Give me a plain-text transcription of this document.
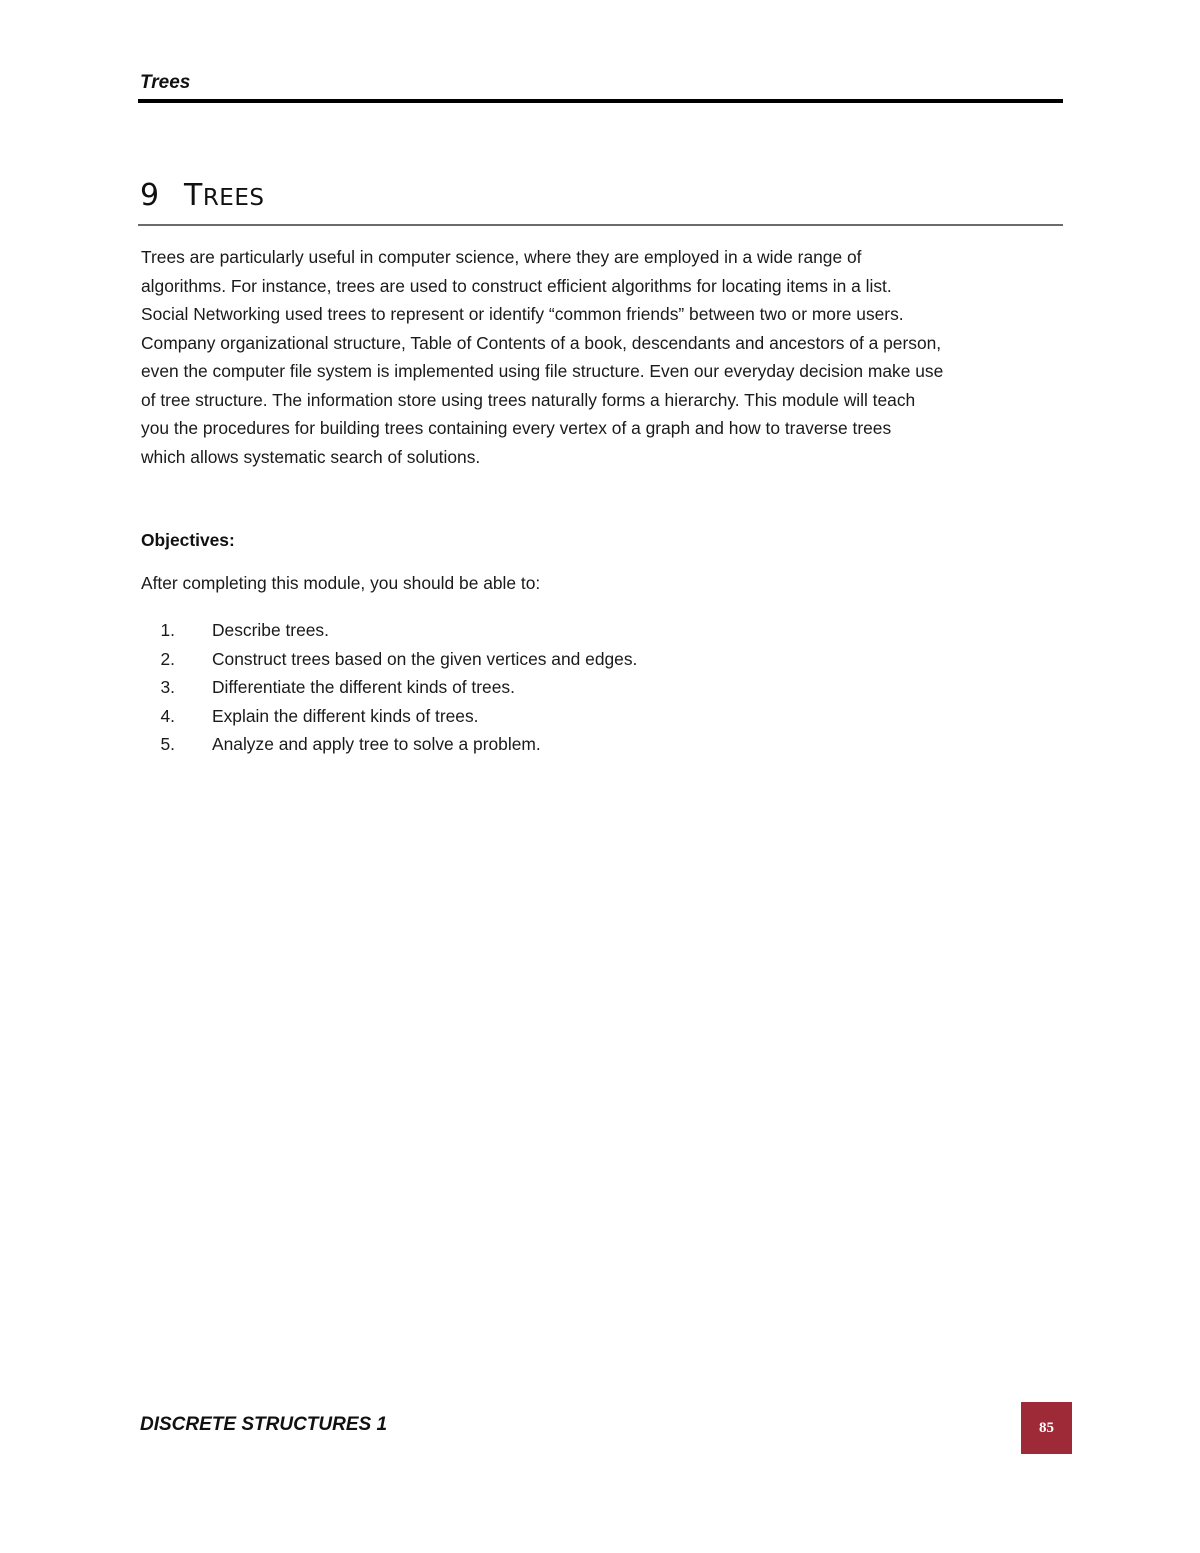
Trees
9 TREES

Trees are particularly useful in computer science, where they are employed in a wide range of
algorithms. For instance, trees are used to construct efficient algorithms for locating items in a list.
Social Networking used trees to represent or identify “common friends” between two or more users.
Company organizational structure, Table of Contents of a book, descendants and ancestors of a person,
even the computer file system is implemented using file structure. Even our everyday decision make use
of tree structure. The information store using trees naturally forms a hierarchy. This module will teach
you the procedures for building trees containing every vertex of a graph and how to traverse trees
which allows systematic search of solutions.

Objectives:
After completing this module, you should be able to:
1. Describe trees.
2. Construct trees based on the given vertices and edges.
3. Differentiate the different kinds of trees.
4. Explain the different kinds of trees.
5. Analyze and apply tree to solve a problem.
DISCRETE STRUCTURES 1	85
